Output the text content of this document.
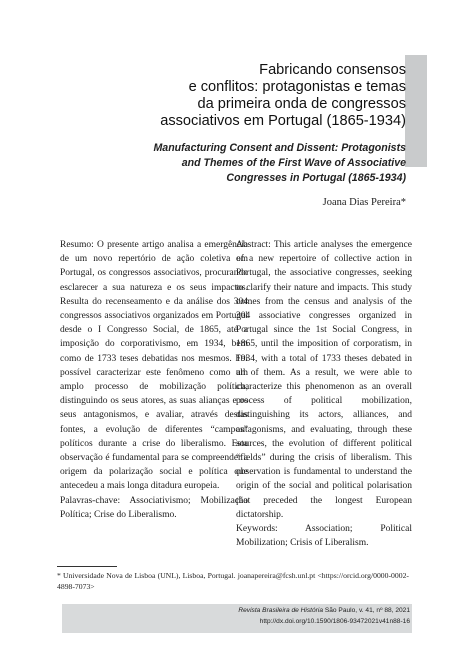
Fabricando consensos
e conflitos: protagonistas e temas
da primeira onda de congressos
associativos em Portugal (1865-1934)
Manufacturing Consent and Dissent: Protagonists
and Themes of the First Wave of Associative
Congresses in Portugal (1865-1934)
Joana Dias Pereira*

Resumo: O presente artigo analisa a emergência de um novo repertório de ação coletiva em Portugal, os congressos associativos, procurando esclarecer a sua natureza e os seus impactos. Resulta do recenseamento e da análise dos 304 congressos associativos organizados em Portugal desde o I Congresso Social, de 1865, até a imposição do corporativismo, em 1934, bem como de 1733 teses debatidas nos mesmos. Foi possível caracterizar este fenômeno como um amplo processo de mobilização política, distinguindo os seus atores, as suas alianças e os seus antagonismos, e avaliar, através destas fontes, a evolução de diferentes “campos” políticos durante a crise do liberalismo. Esta observação é fundamental para se compreender a origem da polarização social e política que antecedeu a mais longa ditadura europeia.

Palavras-chave: Associativismo; Mobilização Política; Crise do Liberalismo.

Abstract: This article analyses the emergence of a new repertoire of collective action in Portugal, the associative congresses, seeking to clarify their nature and impacts. This study comes from the census and analysis of the 304 associative congresses organized in Portugal since the 1st Social Congress, in 1865, until the imposition of corporatism, in 1934, with a total of 1733 theses debated in all of them. As a result, we were able to characterize this phenomenon as an overall process of political mobilization, distinguishing its actors, alliances, and antagonisms, and evaluating, through these sources, the evolution of different political “fields” during the crisis of liberalism. This observation is fundamental to understand the origin of the social and political polarisation that preceded the longest European dictatorship.

Keywords: Association; Political Mobilization; Crisis of Liberalism.

* Universidade Nova de Lisboa (UNL), Lisboa, Portugal. joanapereira@fcsh.unl.pt <https://orcid.org/0000-0002-4898-7073>
Revista Brasileira de História São Paulo, v. 41, nº 88, 2021
http://dx.doi.org/10.1590/1806-93472021v41n88-16
